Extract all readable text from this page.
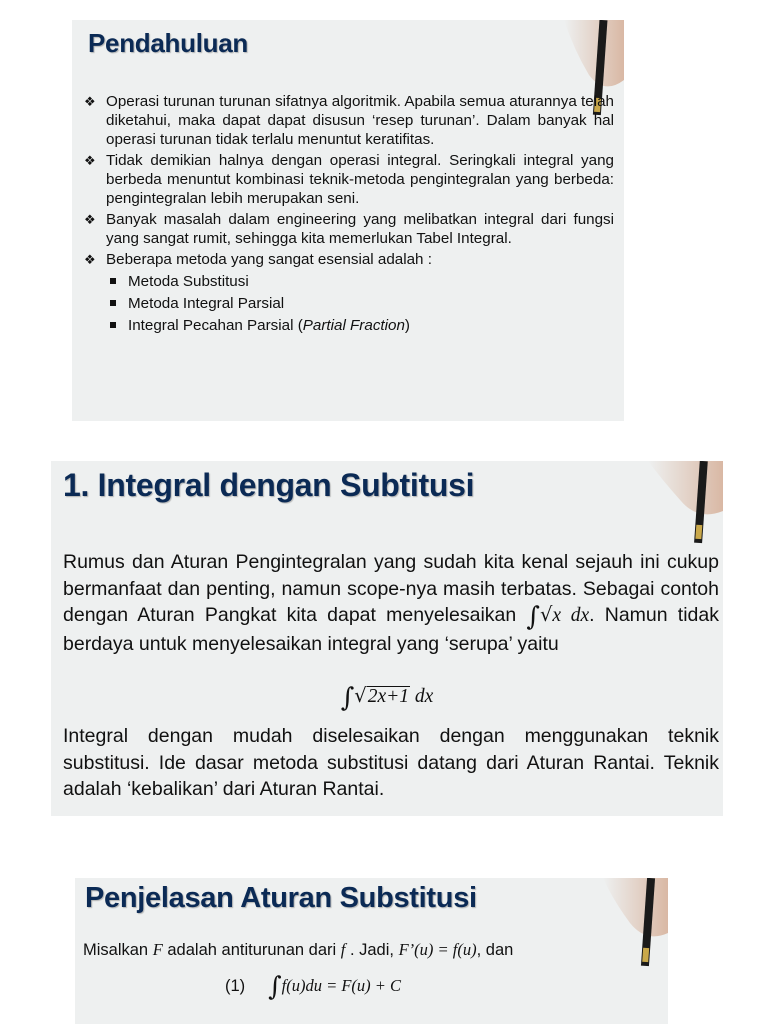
Pendahuluan
❖ Operasi turunan turunan sifatnya algoritmik. Apabila semua aturannya telah diketahui, maka dapat dapat disusun ‘resep turunan’. Dalam banyak hal operasi turunan tidak terlalu menuntut keratifitas.
❖ Tidak demikian halnya dengan operasi integral. Seringkali integral yang berbeda menuntut kombinasi teknik-metoda pengintegralan yang berbeda: pengintegralan lebih merupakan seni.
❖ Banyak masalah dalam engineering yang melibatkan integral dari fungsi yang sangat rumit, sehingga kita memerlukan Tabel Integral.
❖ Beberapa metoda yang sangat esensial adalah :
Metoda Substitusi
Metoda Integral Parsial
Integral Pecahan Parsial (Partial Fraction)
1. Integral dengan Subtitusi

Rumus dan Aturan Pengintegralan yang sudah kita kenal sejauh ini cukup bermanfaat dan penting, namun scope-nya masih terbatas. Sebagai contoh dengan Aturan Pangkat kita dapat menyelesaikan ∫√x dx. Namun tidak berdaya untuk menyelesaikan integral yang ‘serupa’ yaitu

∫√2x+1 dx

Integral dengan mudah diselesaikan dengan menggunakan teknik substitusi. Ide dasar metoda substitusi datang dari Aturan Rantai. Teknik adalah ‘kebalikan’ dari Aturan Rantai.

Penjelasan Aturan Substitusi
Misalkan F adalah antiturunan dari f . Jadi, F’(u) = f(u), dan
(1) ∫f(u)du = F(u) + C
